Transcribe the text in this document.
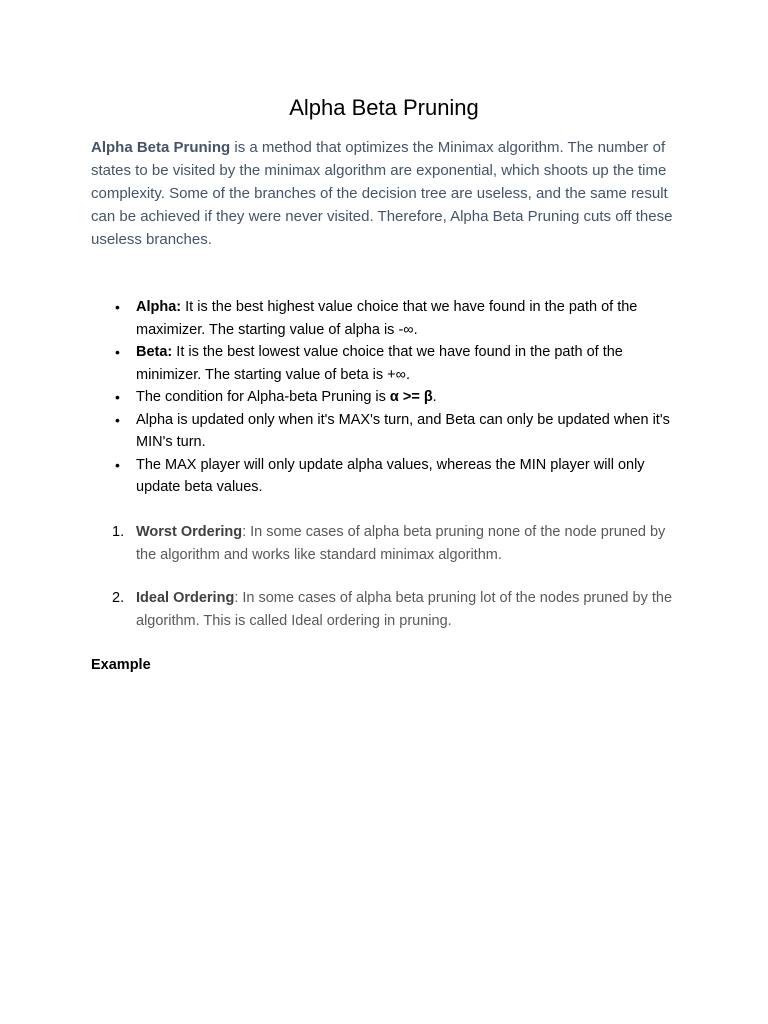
Alpha Beta Pruning

Alpha Beta Pruning is a method that optimizes the Minimax algorithm. The number of states to be visited by the minimax algorithm are exponential, which shoots up the time complexity. Some of the branches of the decision tree are useless, and the same result can be achieved if they were never visited. Therefore, Alpha Beta Pruning cuts off these useless branches.

•	Alpha: It is the best highest value choice that we have found in the path of the maximizer. The starting value of alpha is -∞.
•	Beta: It is the best lowest value choice that we have found in the path of the minimizer. The starting value of beta is +∞.
•	The condition for Alpha-beta Pruning is α >= β.
•	Alpha is updated only when it's MAX's turn, and Beta can only be updated when it's MIN's turn.
•	The MAX player will only update alpha values, whereas the MIN player will only update beta values.
1. Worst Ordering: In some cases of alpha beta pruning none of the node pruned by the algorithm and works like standard minimax algorithm.
2. Ideal Ordering: In some cases of alpha beta pruning lot of the nodes pruned by the algorithm. This is called Ideal ordering in pruning.

Example
